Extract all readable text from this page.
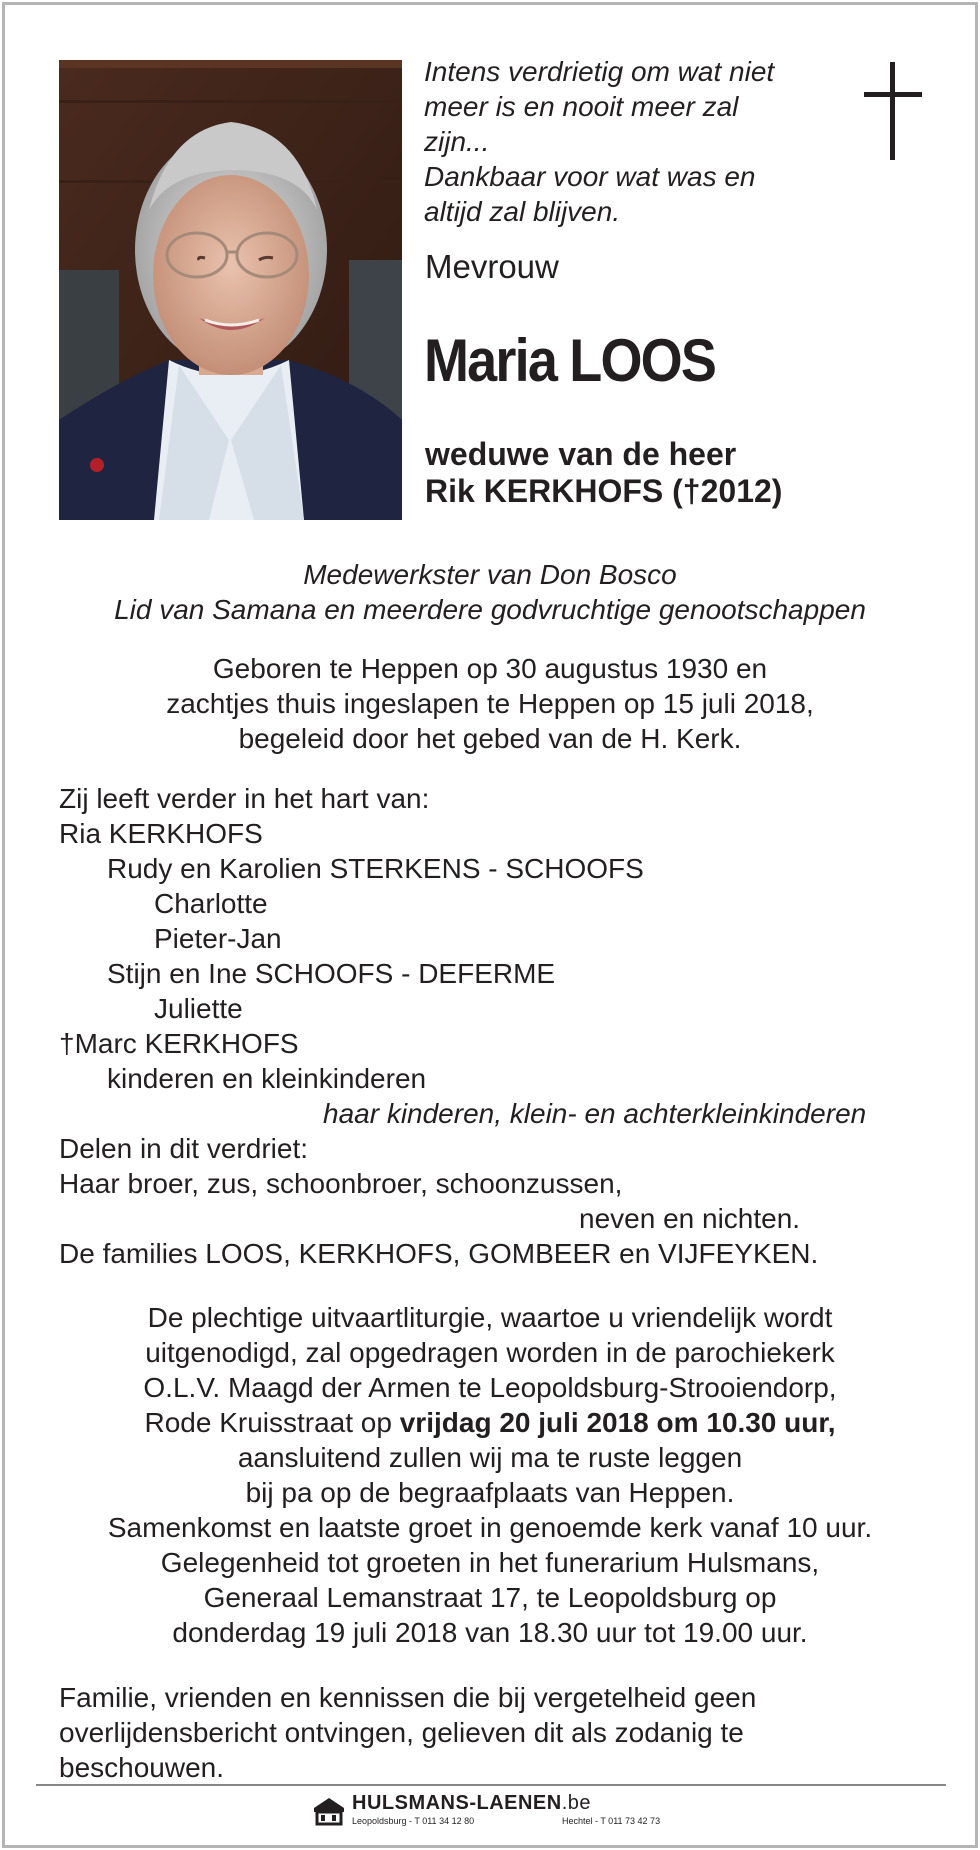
Intens verdrietig om wat niet
meer is en nooit meer zal
zijn...
Dankbaar voor wat was en
altijd zal blijven.
Mevrouw
Maria LOOS
weduwe van de heer
Rik KERKHOFS (†2012)
Medewerkster van Don Bosco
Lid van Samana en meerdere godvruchtige genootschappen
Geboren te Heppen op 30 augustus 1930 en
zachtjes thuis ingeslapen te Heppen op 15 juli 2018,
begeleid door het gebed van de H. Kerk.
Zij leeft verder in het hart van:
Ria KERKHOFS
Rudy en Karolien STERKENS - SCHOOFS
Charlotte
Pieter-Jan
Stijn en Ine SCHOOFS - DEFERME
Juliette
†Marc KERKHOFS
kinderen en kleinkinderen
haar kinderen, klein- en achterkleinkinderen
Delen in dit verdriet:
Haar broer, zus, schoonbroer, schoonzussen,
neven en nichten.
De families LOOS, KERKHOFS, GOMBEER en VIJFEYKEN.
De plechtige uitvaartliturgie, waartoe u vriendelijk wordt
uitgenodigd, zal opgedragen worden in de parochiekerk
O.L.V. Maagd der Armen te Leopoldsburg-Strooiendorp,
Rode Kruisstraat op vrijdag 20 juli 2018 om 10.30 uur,
aansluitend zullen wij ma te ruste leggen
bij pa op de begraafplaats van Heppen.
Samenkomst en laatste groet in genoemde kerk vanaf 10 uur.
Gelegenheid tot groeten in het funerarium Hulsmans,
Generaal Lemanstraat 17, te Leopoldsburg op
donderdag 19 juli 2018 van 18.30 uur tot 19.00 uur.
Familie, vrienden en kennissen die bij vergetelheid geen
overlijdensbericht ontvingen, gelieven dit als zodanig te
beschouwen.
HULSMANS-LAENEN.be
Leopoldsburg - T 011 34 12 80	Hechtel - T 011 73 42 73
